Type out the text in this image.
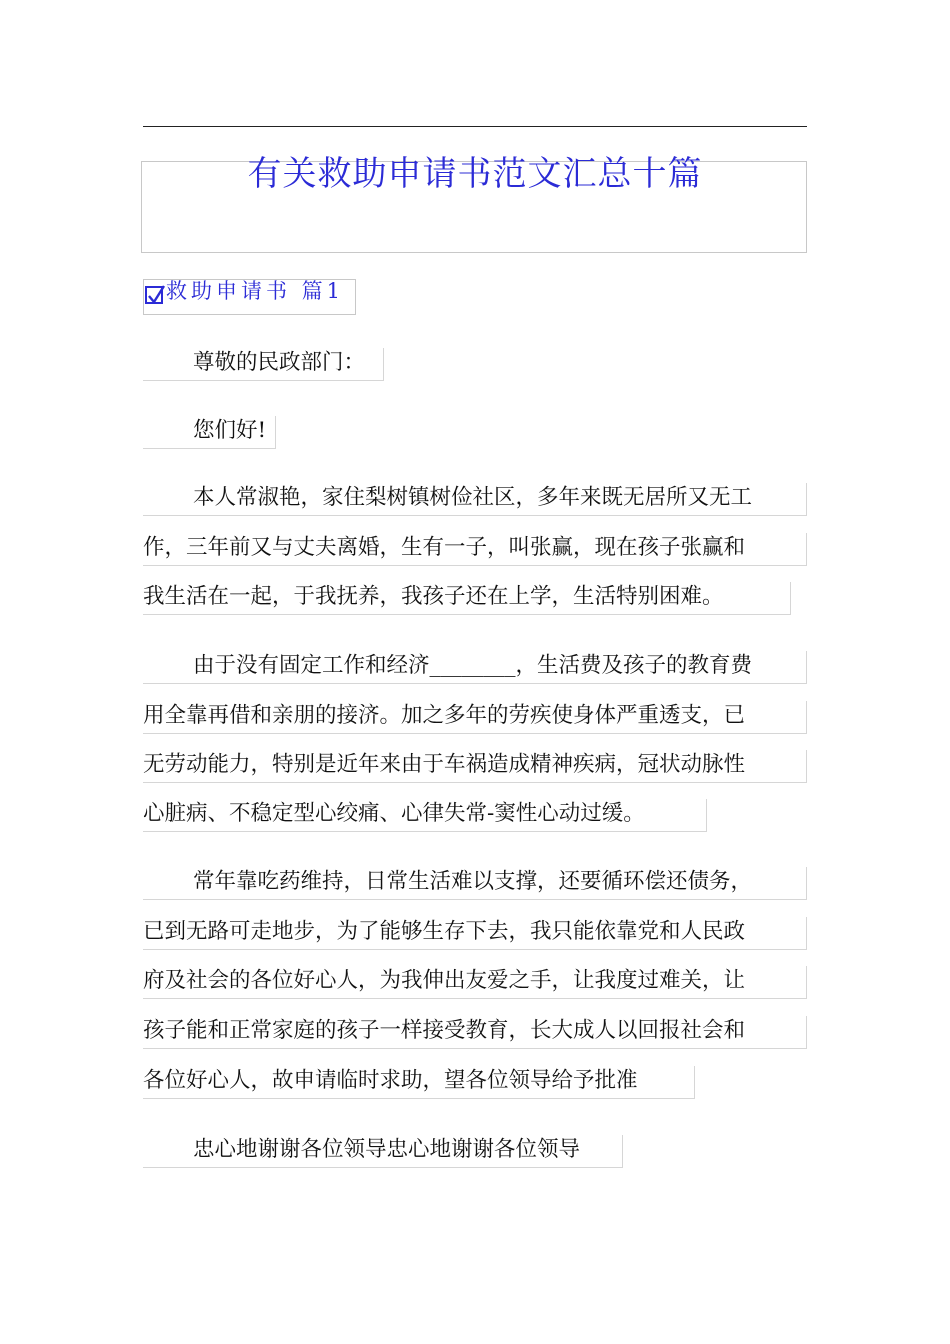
有关救助申请书范文汇总十篇
救助申请书 篇1
尊敬的民政部门：
您们好!
本人常淑艳，家住梨树镇树俭社区，多年来既无居所又无工
作，三年前又与丈夫离婚，生有一子，叫张赢，现在孩子张赢和
我生活在一起，于我抚养，我孩子还在上学，生活特别困难。
由于没有固定工作和经济________，生活费及孩子的教育费
用全靠再借和亲朋的接济。加之多年的劳疾使身体严重透支，已
无劳动能力，特别是近年来由于车祸造成精神疾病，冠状动脉性
心脏病、不稳定型心绞痛、心律失常-窦性心动过缓。
常年靠吃药维持，日常生活难以支撑，还要循环偿还债务，
已到无路可走地步，为了能够生存下去，我只能依靠党和人民政
府及社会的各位好心人，为我伸出友爱之手，让我度过难关，让
孩子能和正常家庭的孩子一样接受教育，长大成人以回报社会和
各位好心人，故申请临时求助，望各位领导给予批准
忠心地谢谢各位领导忠心地谢谢各位领导
